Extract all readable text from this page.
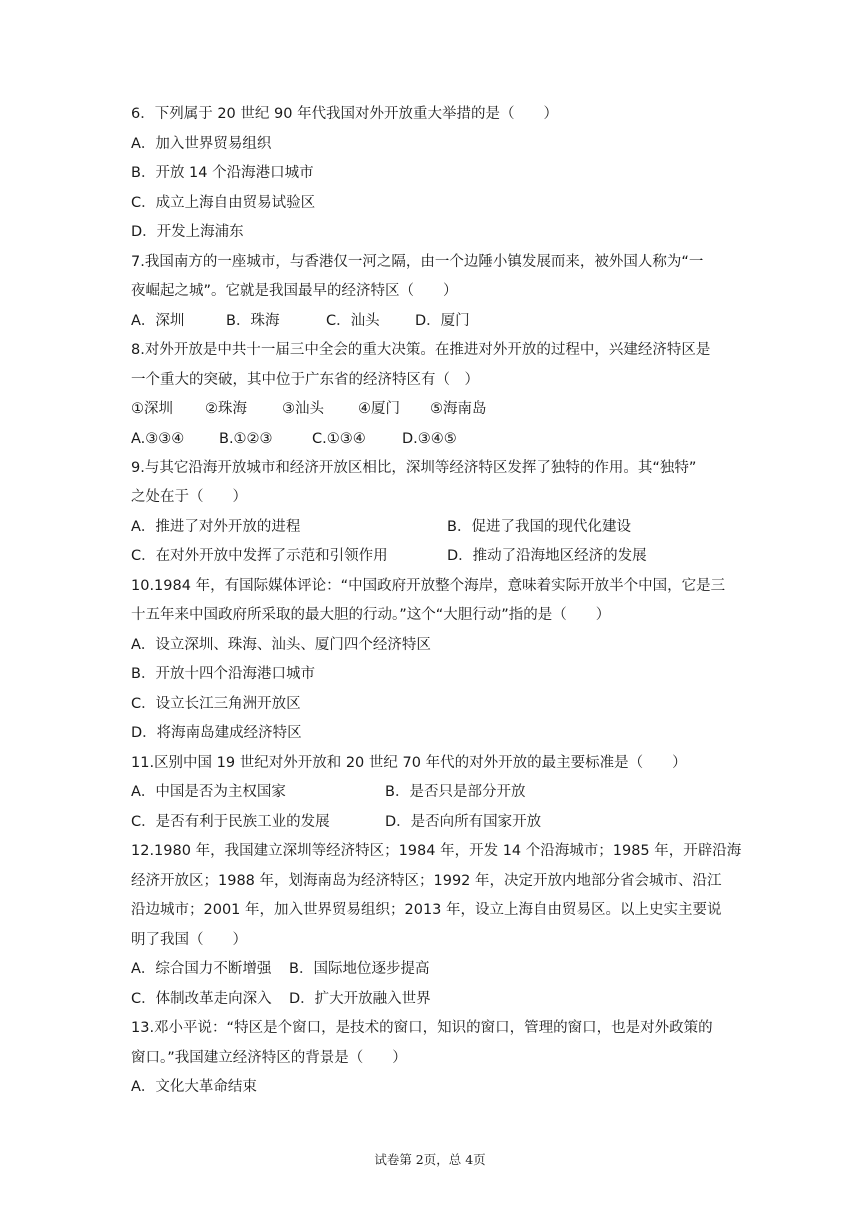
6．下列属于 20 世纪 90 年代我国对外开放重大举措的是（　　）
A．加入世界贸易组织
B．开放 14 个沿海港口城市
C．成立上海自由贸易试验区
D．开发上海浦东
7.我国南方的一座城市，与香港仅一河之隔，由一个边陲小镇发展而来，被外国人称为“一
夜崛起之城”。它就是我国最早的经济特区（　　）
A．深圳	B．珠海	C．汕头 D．厦门
8.对外开放是中共十一届三中全会的重大决策。在推进对外开放的过程中，兴建经济特区是
一个重大的突破，其中位于广东省的经济特区有（　）
①深圳 ②珠海 ③汕头 ④厦门 ⑤海南岛
A.③③④ B.①②③	C.①③④	D.③④⑤
9.与其它沿海开放城市和经济开放区相比，深圳等经济特区发挥了独特的作用。其“独特”
之处在于（　　）
A．推进了对外开放的进程	B．促进了我国的现代化建设
C．在对外开放中发挥了示范和引领作用	D．推动了沿海地区经济的发展
10.1984 年，有国际媒体评论：“中国政府开放整个海岸，意味着实际开放半个中国，它是三
十五年来中国政府所采取的最大胆的行动。”这个“大胆行动”指的是（　　）
A．设立深圳、珠海、汕头、厦门四个经济特区
B．开放十四个沿海港口城市
C．设立长江三角洲开放区
D．将海南岛建成经济特区
11.区别中国 19 世纪对外开放和 20 世纪 70 年代的对外开放的最主要标准是（　　）
A．中国是否为主权国家	B．是否只是部分开放
C．是否有利于民族工业的发展	D．是否向所有国家开放
12.1980 年，我国建立深圳等经济特区；1984 年，开发 14 个沿海城市；1985 年，开辟沿海
经济开放区；1988 年，划海南岛为经济特区；1992 年，决定开放内地部分省会城市、沿江
沿边城市；2001 年，加入世界贸易组织；2013 年，设立上海自由贸易区。以上史实主要说
明了我国（　　）
A．综合国力不断增强 B．国际地位逐步提高
C．体制改革走向深入 D．扩大开放融入世界
13.邓小平说：“特区是个窗口，是技术的窗口，知识的窗口，管理的窗口，也是对外政策的
窗口。”我国建立经济特区的背景是（　　）
A．文化大革命结束
试卷第 2页，总 4页
